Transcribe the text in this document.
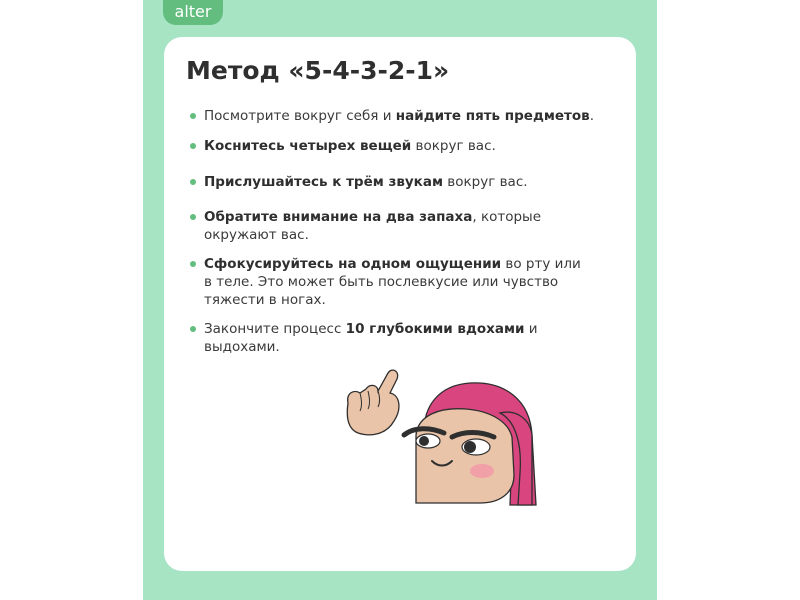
alter
Метод «5-4-3-2-1»
Посмотрите вокруг себя и найдите пять предметов.
Коснитесь четырех вещей вокруг вас.
Прислушайтесь к трём звукам вокруг вас.
Обратите внимание на два запаха, которые окружают вас.
Сфокусируйтесь на одном ощущении во рту или в теле. Это может быть послевкусие или чувство тяжести в ногах.
Закончите процесс 10 глубокими вдохами и выдохами.
